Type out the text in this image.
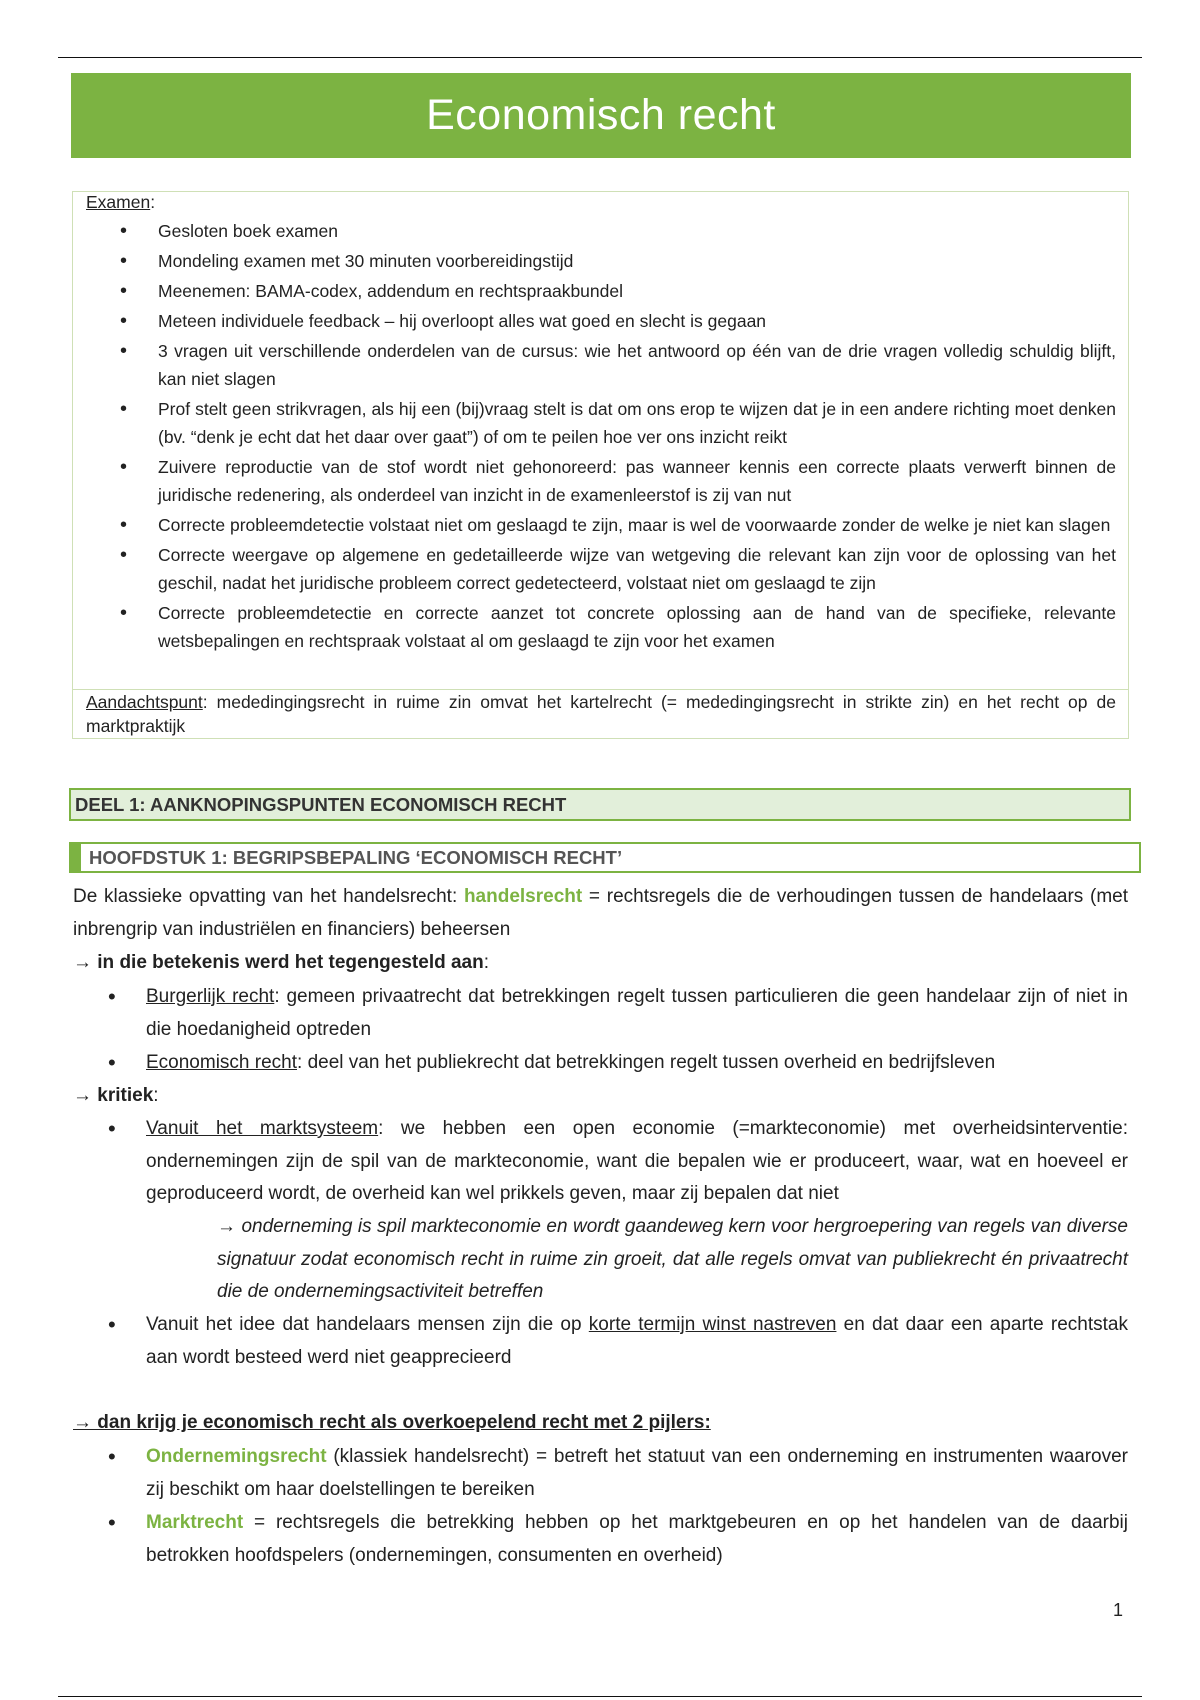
Economisch recht
Examen:
• Gesloten boek examen
• Mondeling examen met 30 minuten voorbereidingstijd
• Meenemen: BAMA-codex, addendum en rechtspraakbundel
• Meteen individuele feedback – hij overloopt alles wat goed en slecht is gegaan
• 3 vragen uit verschillende onderdelen van de cursus: wie het antwoord op één van de drie vragen volledig schuldig blijft, kan niet slagen
• Prof stelt geen strikvragen, als hij een (bij)vraag stelt is dat om ons erop te wijzen dat je in een andere richting moet denken (bv. “denk je echt dat het daar over gaat”) of om te peilen hoe ver ons inzicht reikt
• Zuivere reproductie van de stof wordt niet gehonoreerd: pas wanneer kennis een correcte plaats verwerft binnen de juridische redenering, als onderdeel van inzicht in de examenleerstof is zij van nut
• Correcte probleemdetectie volstaat niet om geslaagd te zijn, maar is wel de voorwaarde zonder de welke je niet kan slagen
• Correcte weergave op algemene en gedetailleerde wijze van wetgeving die relevant kan zijn voor de oplossing van het geschil, nadat het juridische probleem correct gedetecteerd, volstaat niet om geslaagd te zijn
• Correcte probleemdetectie en correcte aanzet tot concrete oplossing aan de hand van de specifieke, relevante wetsbepalingen en rechtspraak volstaat al om geslaagd te zijn voor het examen
Aandachtspunt: mededingingsrecht in ruime zin omvat het kartelrecht (= mededingingsrecht in strikte zin) en het recht op de marktpraktijk
DEEL 1: AANKNOPINGSPUNTEN ECONOMISCH RECHT
HOOFDSTUK 1: BEGRIPSBEPALING ‘ECONOMISCH RECHT’
De klassieke opvatting van het handelsrecht: handelsrecht = rechtsregels die de verhoudingen tussen de handelaars (met inbrengrip van industriëlen en financiers) beheersen
→ in die betekenis werd het tegengesteld aan:
• Burgerlijk recht: gemeen privaatrecht dat betrekkingen regelt tussen particulieren die geen handelaar zijn of niet in die hoedanigheid optreden
• Economisch recht: deel van het publiekrecht dat betrekkingen regelt tussen overheid en bedrijfsleven
→ kritiek:
• Vanuit het marktsysteem: we hebben een open economie (=markteconomie) met overheidsinterventie: ondernemingen zijn de spil van de markteconomie, want die bepalen wie er produceert, waar, wat en hoeveel er geproduceerd wordt, de overheid kan wel prikkels geven, maar zij bepalen dat niet
→ onderneming is spil markteconomie en wordt gaandeweg kern voor hergroepering van regels van diverse signatuur zodat economisch recht in ruime zin groeit, dat alle regels omvat van publiekrecht én privaatrecht die de ondernemingsactiviteit betreffen
• Vanuit het idee dat handelaars mensen zijn die op korte termijn winst nastreven en dat daar een aparte rechtstak aan wordt besteed werd niet geapprecieerd
→ dan krijg je economisch recht als overkoepelend recht met 2 pijlers:
• Ondernemingsrecht (klassiek handelsrecht) = betreft het statuut van een onderneming en instrumenten waarover zij beschikt om haar doelstellingen te bereiken
• Marktrecht = rechtsregels die betrekking hebben op het marktgebeuren en op het handelen van de daarbij betrokken hoofdspelers (ondernemingen, consumenten en overheid)
1
